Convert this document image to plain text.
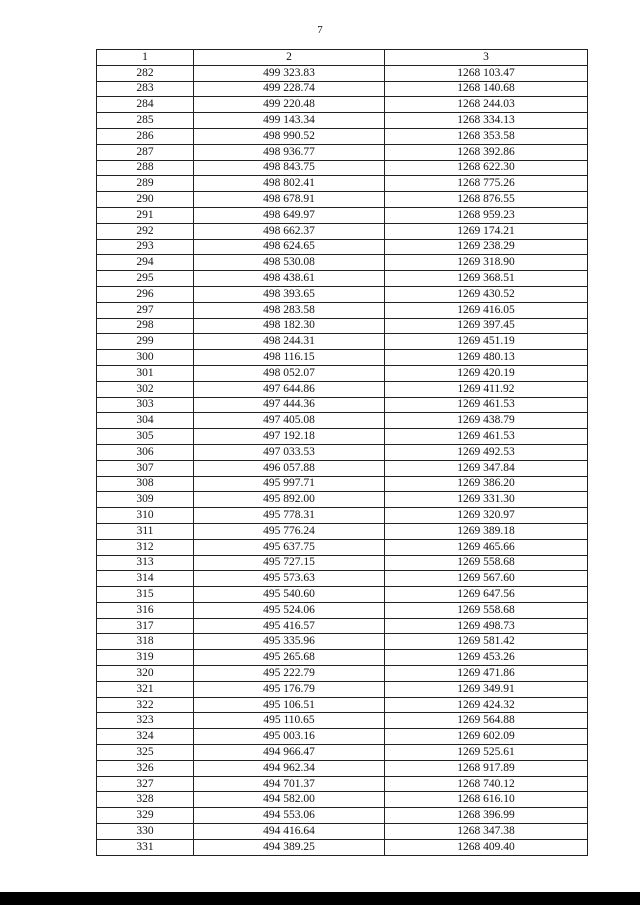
7
1	2	3
282	499 323.83	1268 103.47
283	499 228.74	1268 140.68
284	499 220.48	1268 244.03
285	499 143.34	1268 334.13
286	498 990.52	1268 353.58
287	498 936.77	1268 392.86
288	498 843.75	1268 622.30
289	498 802.41	1268 775.26
290	498 678.91	1268 876.55
291	498 649.97	1268 959.23
292	498 662.37	1269 174.21
293	498 624.65	1269 238.29
294	498 530.08	1269 318.90
295	498 438.61	1269 368.51
296	498 393.65	1269 430.52
297	498 283.58	1269 416.05
298	498 182.30	1269 397.45
299	498 244.31	1269 451.19
300	498 116.15	1269 480.13
301	498 052.07	1269 420.19
302	497 644.86	1269 411.92
303	497 444.36	1269 461.53
304	497 405.08	1269 438.79
305	497 192.18	1269 461.53
306	497 033.53	1269 492.53
307	496 057.88	1269 347.84
308	495 997.71	1269 386.20
309	495 892.00	1269 331.30
310	495 778.31	1269 320.97
311	495 776.24	1269 389.18
312	495 637.75	1269 465.66
313	495 727.15	1269 558.68
314	495 573.63	1269 567.60
315	495 540.60	1269 647.56
316	495 524.06	1269 558.68
317	495 416.57	1269 498.73
318	495 335.96	1269 581.42
319	495 265.68	1269 453.26
320	495 222.79	1269 471.86
321	495 176.79	1269 349.91
322	495 106.51	1269 424.32
323	495 110.65	1269 564.88
324	495 003.16	1269 602.09
325	494 966.47	1269 525.61
326	494 962.34	1268 917.89
327	494 701.37	1268 740.12
328	494 582.00	1268 616.10
329	494 553.06	1268 396.99
330	494 416.64	1268 347.38
331	494 389.25	1268 409.40
